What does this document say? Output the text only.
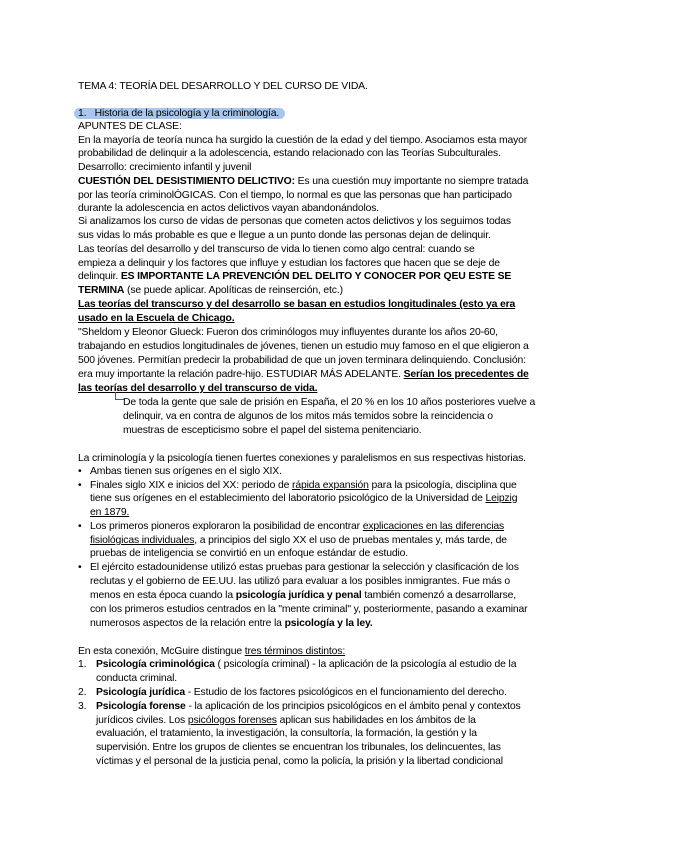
TEMA 4: TEORÍA DEL DESARROLLO Y DEL CURSO DE VIDA.
1. Historia de la psicología y la criminología.
APUNTES DE CLASE:
En la mayoría de teoría nunca ha surgido la cuestión de la edad y del tiempo. Asociamos esta mayor
probabilidad de delinquir a la adolescencia, estando relacionado con las Teorías Subculturales.
Desarrollo: crecimiento infantil y juvenil
CUESTIÓN DEL DESISTIMIENTO DELICTIVO: Es una cuestión muy importante no siempre tratada
por las teoría criminolÓGICAS. Con el tiempo, lo normal es que las personas que han participado
durante la adolescencia en actos delictivos vayan abandonándolos.
Si analizamos los curso de vidas de personas que cometen actos delictivos y los seguimos todas
sus vidas lo más probable es que e llegue a un punto donde las personas dejan de delinquir.
Las teorías del desarrollo y del transcurso de vida lo tienen como algo central: cuando se
empieza a delinquir y los factores que influye y estudian los factores que hacen que se deje de
delinquir. ES IMPORTANTE LA PREVENCIÓN DEL DELITO Y CONOCER POR QEU ESTE SE
TERMINA (se puede aplicar. Apolíticas de reinserción, etc.)
Las teorías del transcurso y del desarrollo se basan en estudios longitudinales (esto ya era
usado en la Escuela de Chicago.
"Sheldom y Eleonor Glueck: Fueron dos criminólogos muy influyentes durante los años 20-60,
trabajando en estudios longitudinales de jóvenes, tienen un estudio muy famoso en el que eligieron a
500 jóvenes. Permitían predecir la probabilidad de que un joven terminara delinquiendo. Conclusión:
era muy importante la relación padre-hijo. ESTUDIAR MÁS ADELANTE. Serían los precedentes de
las teorías del desarrollo y del transcurso de vida.
De toda la gente que sale de prisión en España, el 20 % en los 10 años posteriores vuelve a
delinquir, va en contra de algunos de los mitos más temidos sobre la reincidencia o
muestras de escepticismo sobre el papel del sistema penitenciario.
La criminología y la psicología tienen fuertes conexiones y paralelismos en sus respectivas historias.
• Ambas tienen sus orígenes en el siglo XIX.
• Finales siglo XIX e inicios del XX: periodo de rápida expansión para la psicología, disciplina que
tiene sus orígenes en el establecimiento del laboratorio psicológico de la Universidad de Leipzig
en 1879.
• Los primeros pioneros exploraron la posibilidad de encontrar explicaciones en las diferencias
fisiológicas individuales, a principios del siglo XX el uso de pruebas mentales y, más tarde, de
pruebas de inteligencia se convirtió en un enfoque estándar de estudio.
• El ejército estadounidense utilizó estas pruebas para gestionar la selección y clasificación de los
reclutas y el gobierno de EE.UU. las utilizó para evaluar a los posibles inmigrantes. Fue más o
menos en esta época cuando la psicología jurídica y penal también comenzó a desarrollarse,
con los primeros estudios centrados en la "mente criminal" y, posteriormente, pasando a examinar
numerosos aspectos de la relación entre la psicología y la ley.
En esta conexión, McGuire distingue tres términos distintos:
1. Psicología criminológica ( psicología criminal) - la aplicación de la psicología al estudio de la
conducta criminal.
2. Psicología jurídica - Estudio de los factores psicológicos en el funcionamiento del derecho.
3. Psicología forense - la aplicación de los principios psicológicos en el ámbito penal y contextos
jurídicos civiles. Los psicólogos forenses aplican sus habilidades en los ámbitos de la
evaluación, el tratamiento, la investigación, la consultoría, la formación, la gestión y la
supervisión. Entre los grupos de clientes se encuentran los tribunales, los delincuentes, las
víctimas y el personal de la justicia penal, como la policía, la prisión y la libertad condicional
